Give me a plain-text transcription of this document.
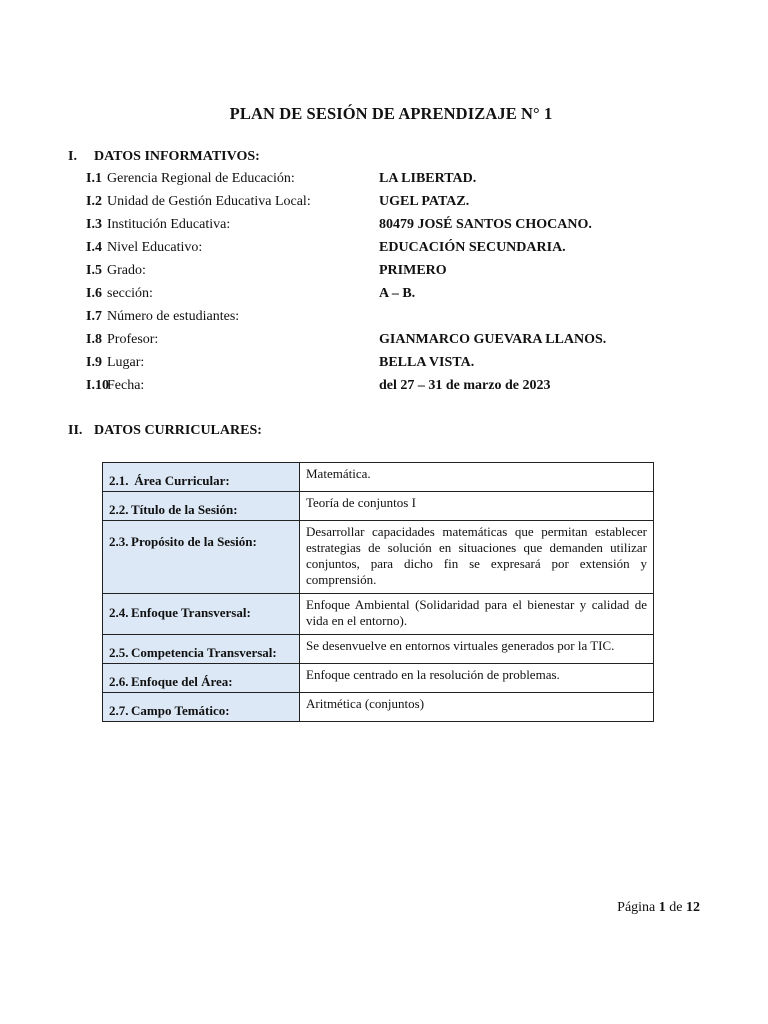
PLAN DE SESIÓN DE APRENDIZAJE N° 1
I. DATOS INFORMATIVOS:
I.1 Gerencia Regional de Educación:	LA LIBERTAD.
I.2 Unidad de Gestión Educativa Local:	UGEL PATAZ.
I.3 Institución Educativa:	80479 JOSÉ SANTOS CHOCANO.
I.4 Nivel Educativo:	EDUCACIÓN SECUNDARIA.
I.5 Grado:	PRIMERO
I.6 sección:	A – B.
I.7 Número de estudiantes:
I.8 Profesor:	GIANMARCO GUEVARA LLANOS.
I.9 Lugar:	BELLA VISTA.
I.10Fecha:	del 27 – 31 de marzo de 2023
II. DATOS CURRICULARES:
2.1. Área Curricular:	Matemática.
2.2. Título de la Sesión:	Teoría de conjuntos I
2.3. Propósito de la Sesión:	Desarrollar capacidades matemáticas que permitan establecer estrategias de solución en situaciones que demanden utilizar conjuntos, para dicho fin se expresará por extensión y comprensión.
2.4. Enfoque Transversal:	Enfoque Ambiental (Solidaridad para el bienestar y calidad de vida en el entorno).
2.5. Competencia Transversal:	Se desenvuelve en entornos virtuales generados por la TIC.
2.6. Enfoque del Área:	Enfoque centrado en la resolución de problemas.
2.7. Campo Temático:	Aritmética (conjuntos)
Página 1 de 12
